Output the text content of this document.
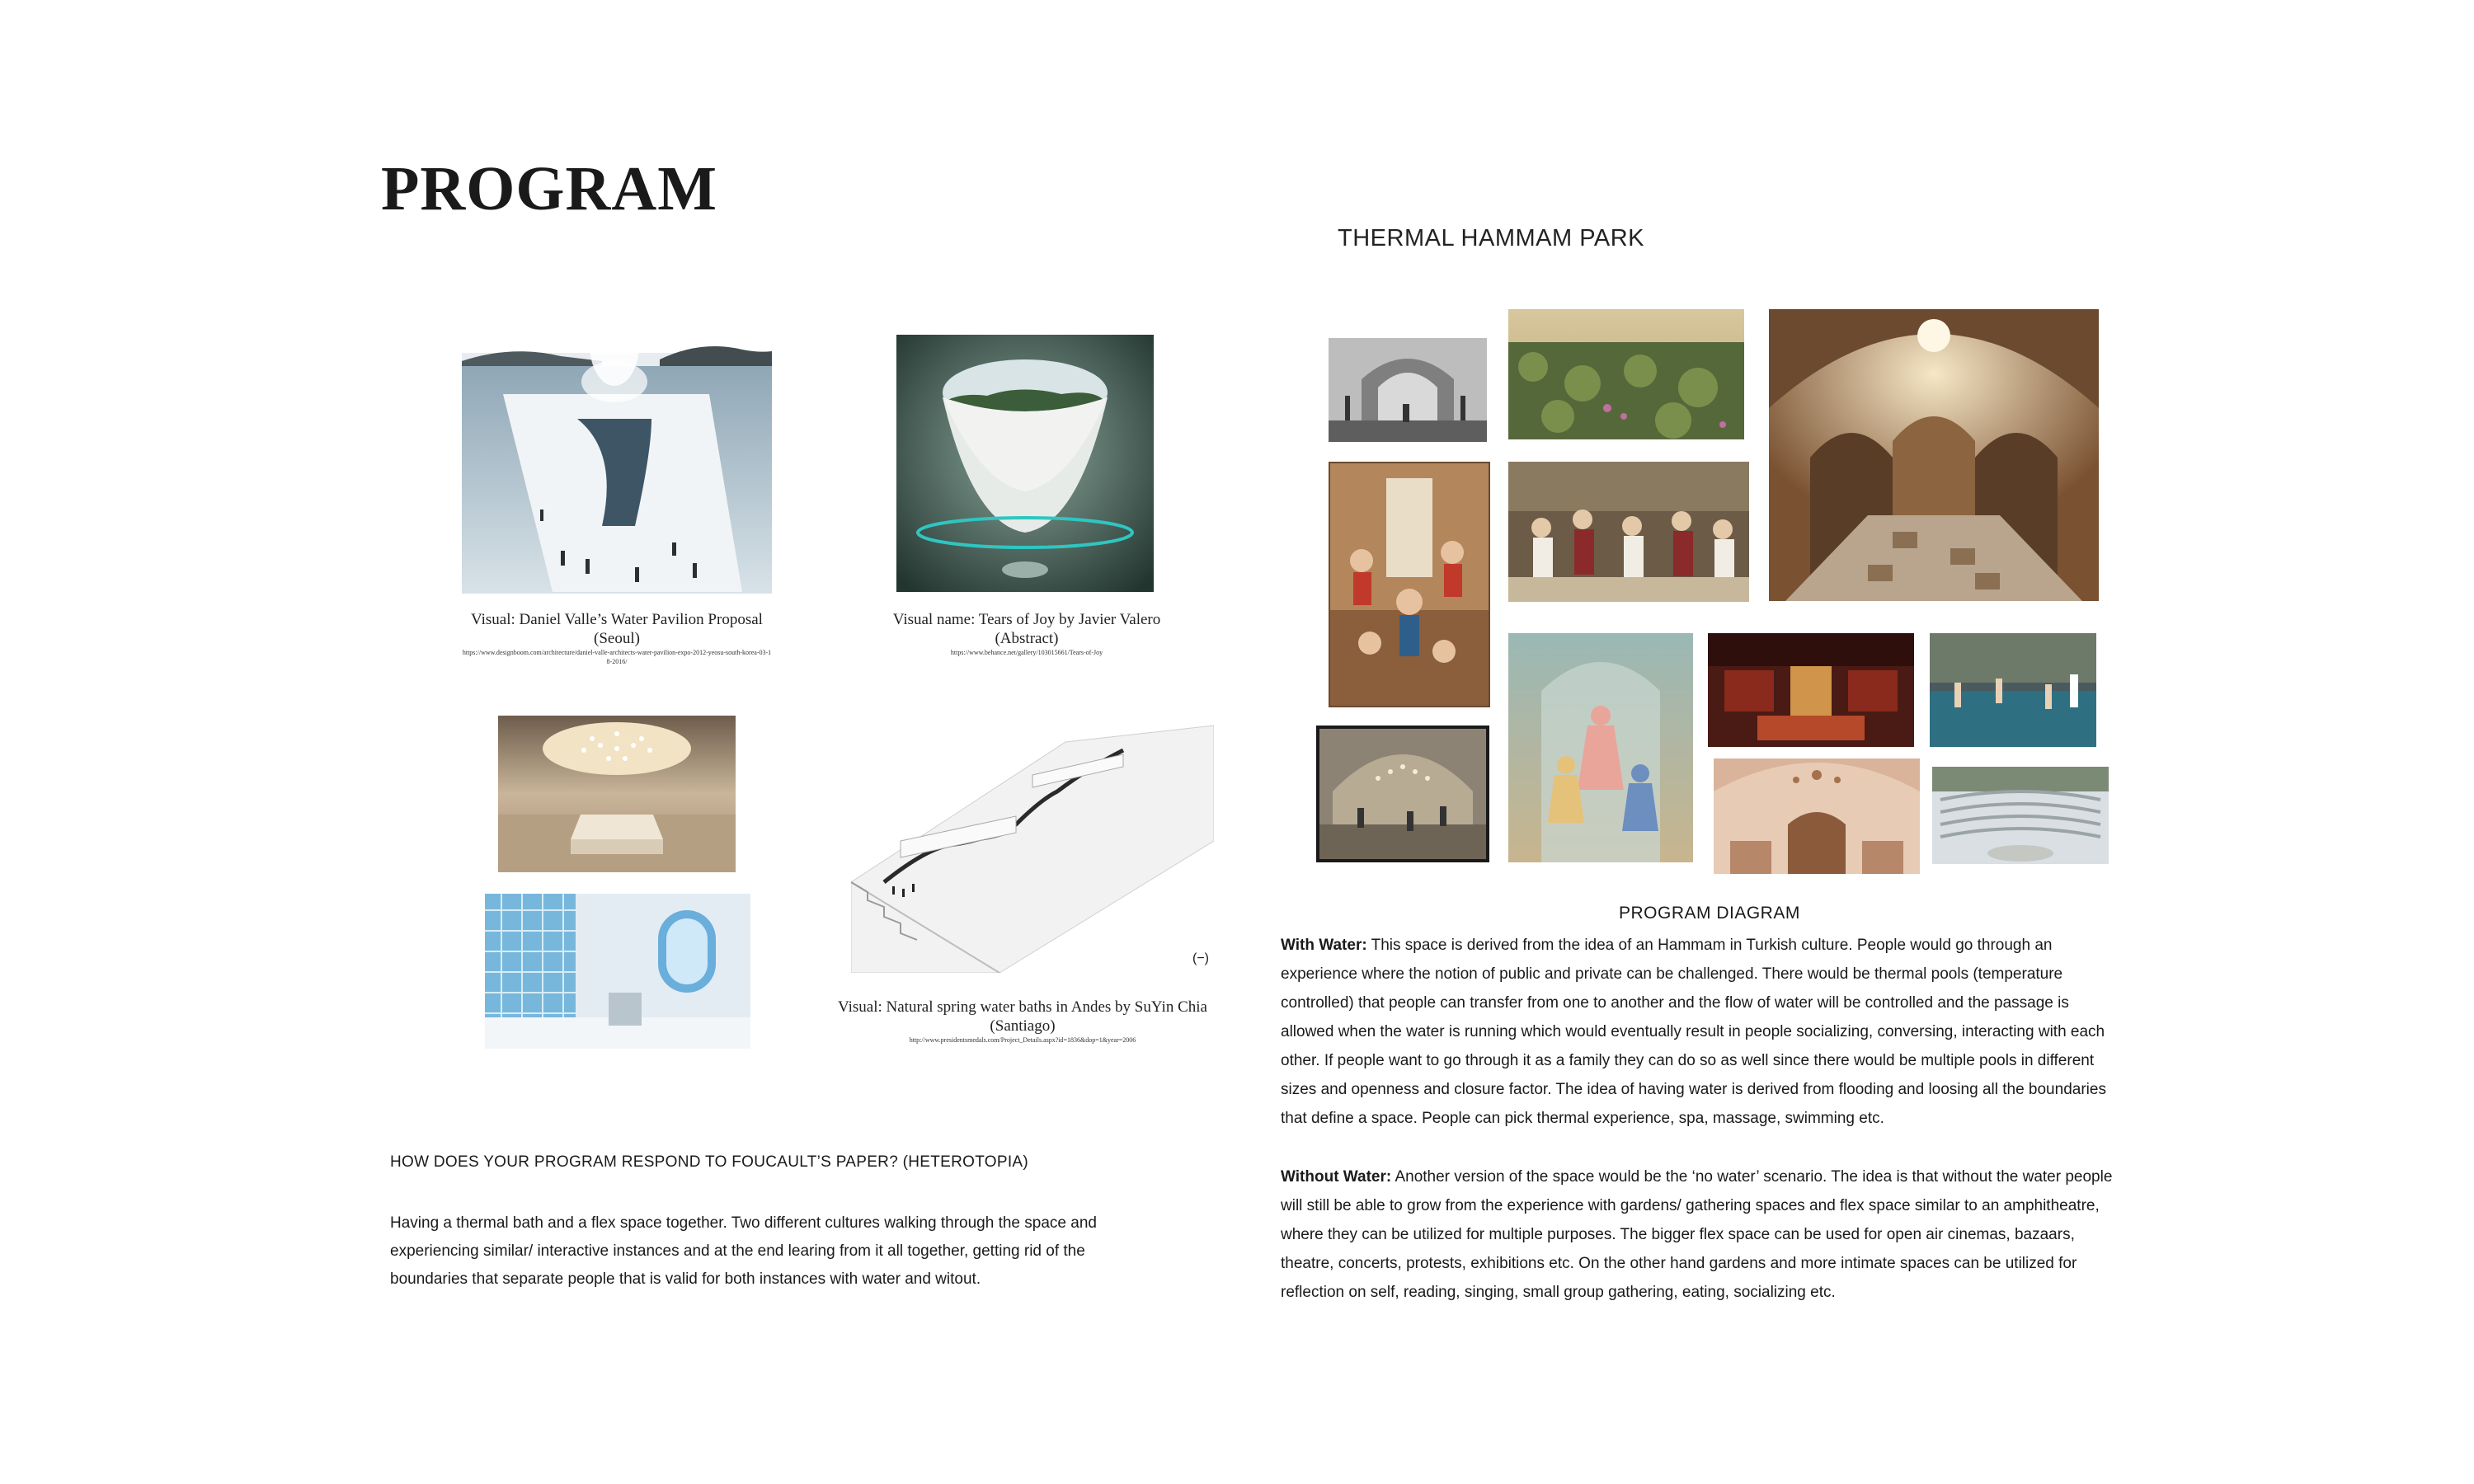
PROGRAM
THERMAL HAMMAM PARK
Visual: Daniel Valle’s Water Pavilion Proposal (Seoul)
https://www.designboom.com/architecture/daniel-valle-architects-water-pavilion-expo-2012-yeosu-south-korea-03-18-2016/
Visual name: Tears of Joy by Javier Valero (Abstract)
https://www.behance.net/gallery/103015661/Tears-of-Joy
Visual: Natural spring water baths in Andes by SuYin Chia (Santiago)
http://www.presidentsmedals.com/Project_Details.aspx?id=1836&dop=1&year=2006
(−)
HOW DOES YOUR PROGRAM RESPOND TO FOUCAULT’S PAPER? (HETEROTOPIA)
Having a thermal bath and a flex space together. Two different cultures walking through the space and experiencing similar/ interactive instances and at the end learing from it all together, getting rid of the boundaries that separate people that is valid for both instances with water and witout.
PROGRAM DIAGRAM
With Water: This space is derived from the idea of an Hammam in Turkish culture. People would go through an experience where the notion of public and private can be challenged. There would be thermal pools (temperature controlled) that people can transfer from one to another and the flow of water will be controlled and the passage is allowed when the water is running which would eventually result in people socializing, conversing, interacting with each other. If people want to go through it as a family they can do so as well since there would be multiple pools in different sizes and openness and closure factor. The idea of having water is derived from flooding and loosing all the boundaries that define a space. People can pick thermal experience, spa, massage, swimming etc.
Without Water: Another version of the space would be the ‘no water’ scenario. The idea is that without the water people will still be able to grow from the experience with gardens/ gathering spaces and flex space similar to an amphitheatre, where they can be utilized for multiple purposes. The bigger flex space can be used for open air cinemas, bazaars, theatre, concerts, protests, exhibitions etc. On the other hand gardens and more intimate spaces can be utilized for reflection on self, reading, singing, small group gathering, eating, socializing etc.
